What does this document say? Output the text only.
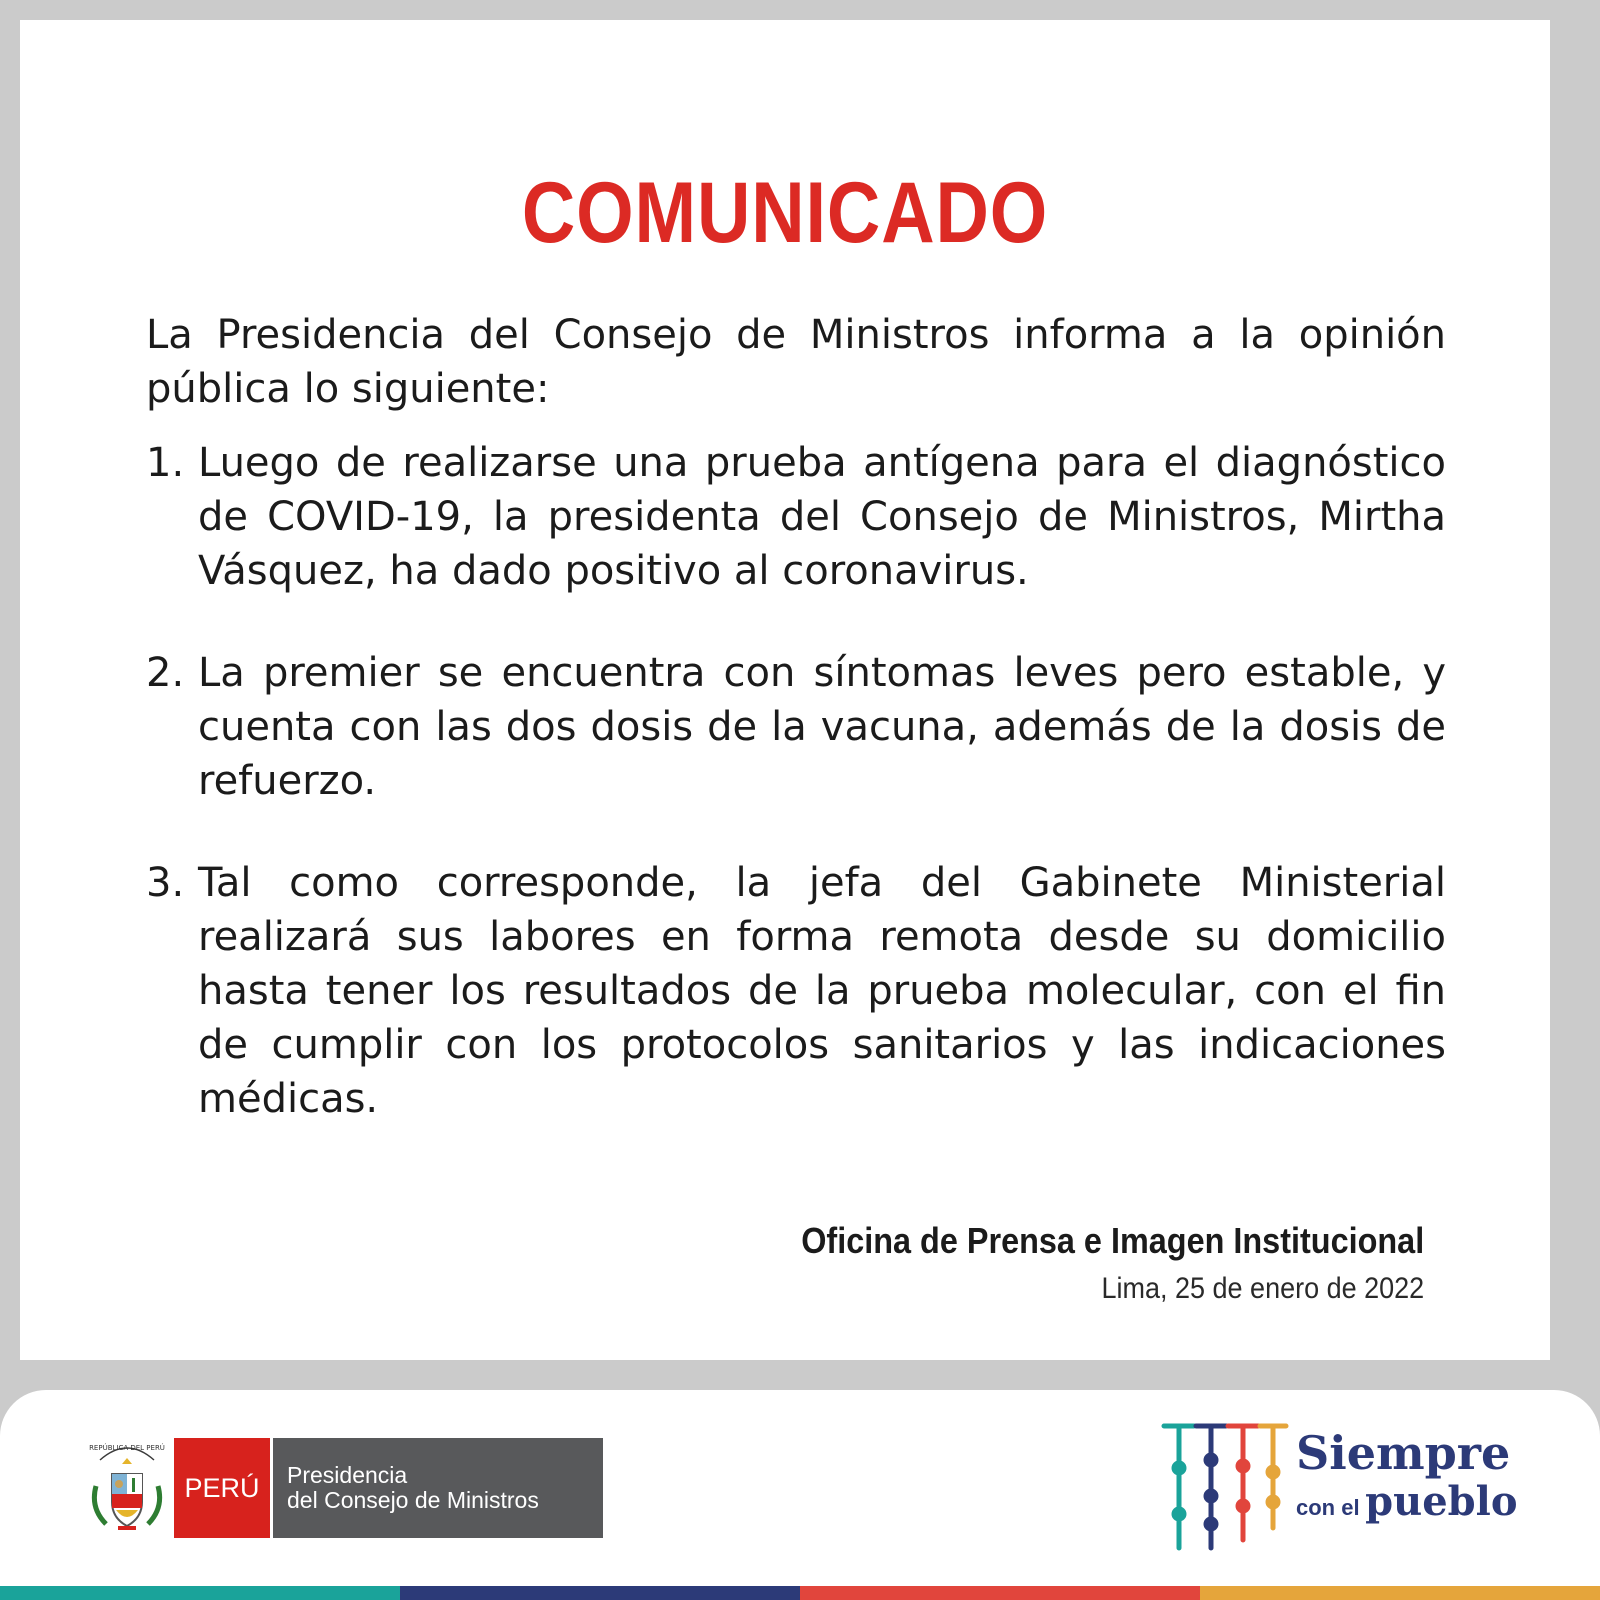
COMUNICADO

La Presidencia del Consejo de Ministros informa a la opinión pública lo siguiente:

1. Luego de realizarse una prueba antígena para el diagnóstico de COVID-19, la presidenta del Consejo de Ministros, Mirtha Vásquez, ha dado positivo al coronavirus.
2. La premier se encuentra con síntomas leves pero estable, y cuenta con las dos dosis de la vacuna, además de la dosis de refuerzo.
3. Tal como corresponde, la jefa del Gabinete Ministerial realizará sus labores en forma remota desde su domicilio hasta tener los resultados de la prueba molecular, con el fin de cumplir con los protocolos sanitarios y las indicaciones médicas.
Oficina de Prensa e Imagen Institucional
Lima, 25 de enero de 2022
REPÚBLICA DEL PERÚ
PERÚ	Presidencia
del Consejo de Ministros
Siempre
con el pueblo
